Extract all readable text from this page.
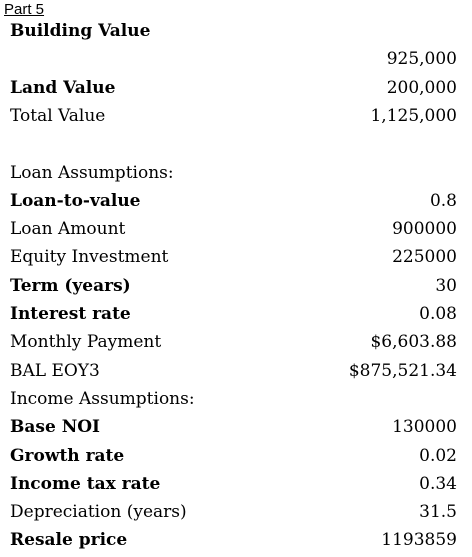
Part 5
Building Value
925,000
Land Value	200,000
Total Value	1,125,000
Loan Assumptions:
Loan-to-value	0.8
Loan Amount	900000
Equity Investment	225000
Term (years)	30
Interest rate	0.08
Monthly Payment	$6,603.88
BAL EOY3	$875,521.34
Income Assumptions:
Base NOI	130000
Growth rate	0.02
Income tax rate	0.34
Depreciation (years)	31.5
Resale price	1193859
